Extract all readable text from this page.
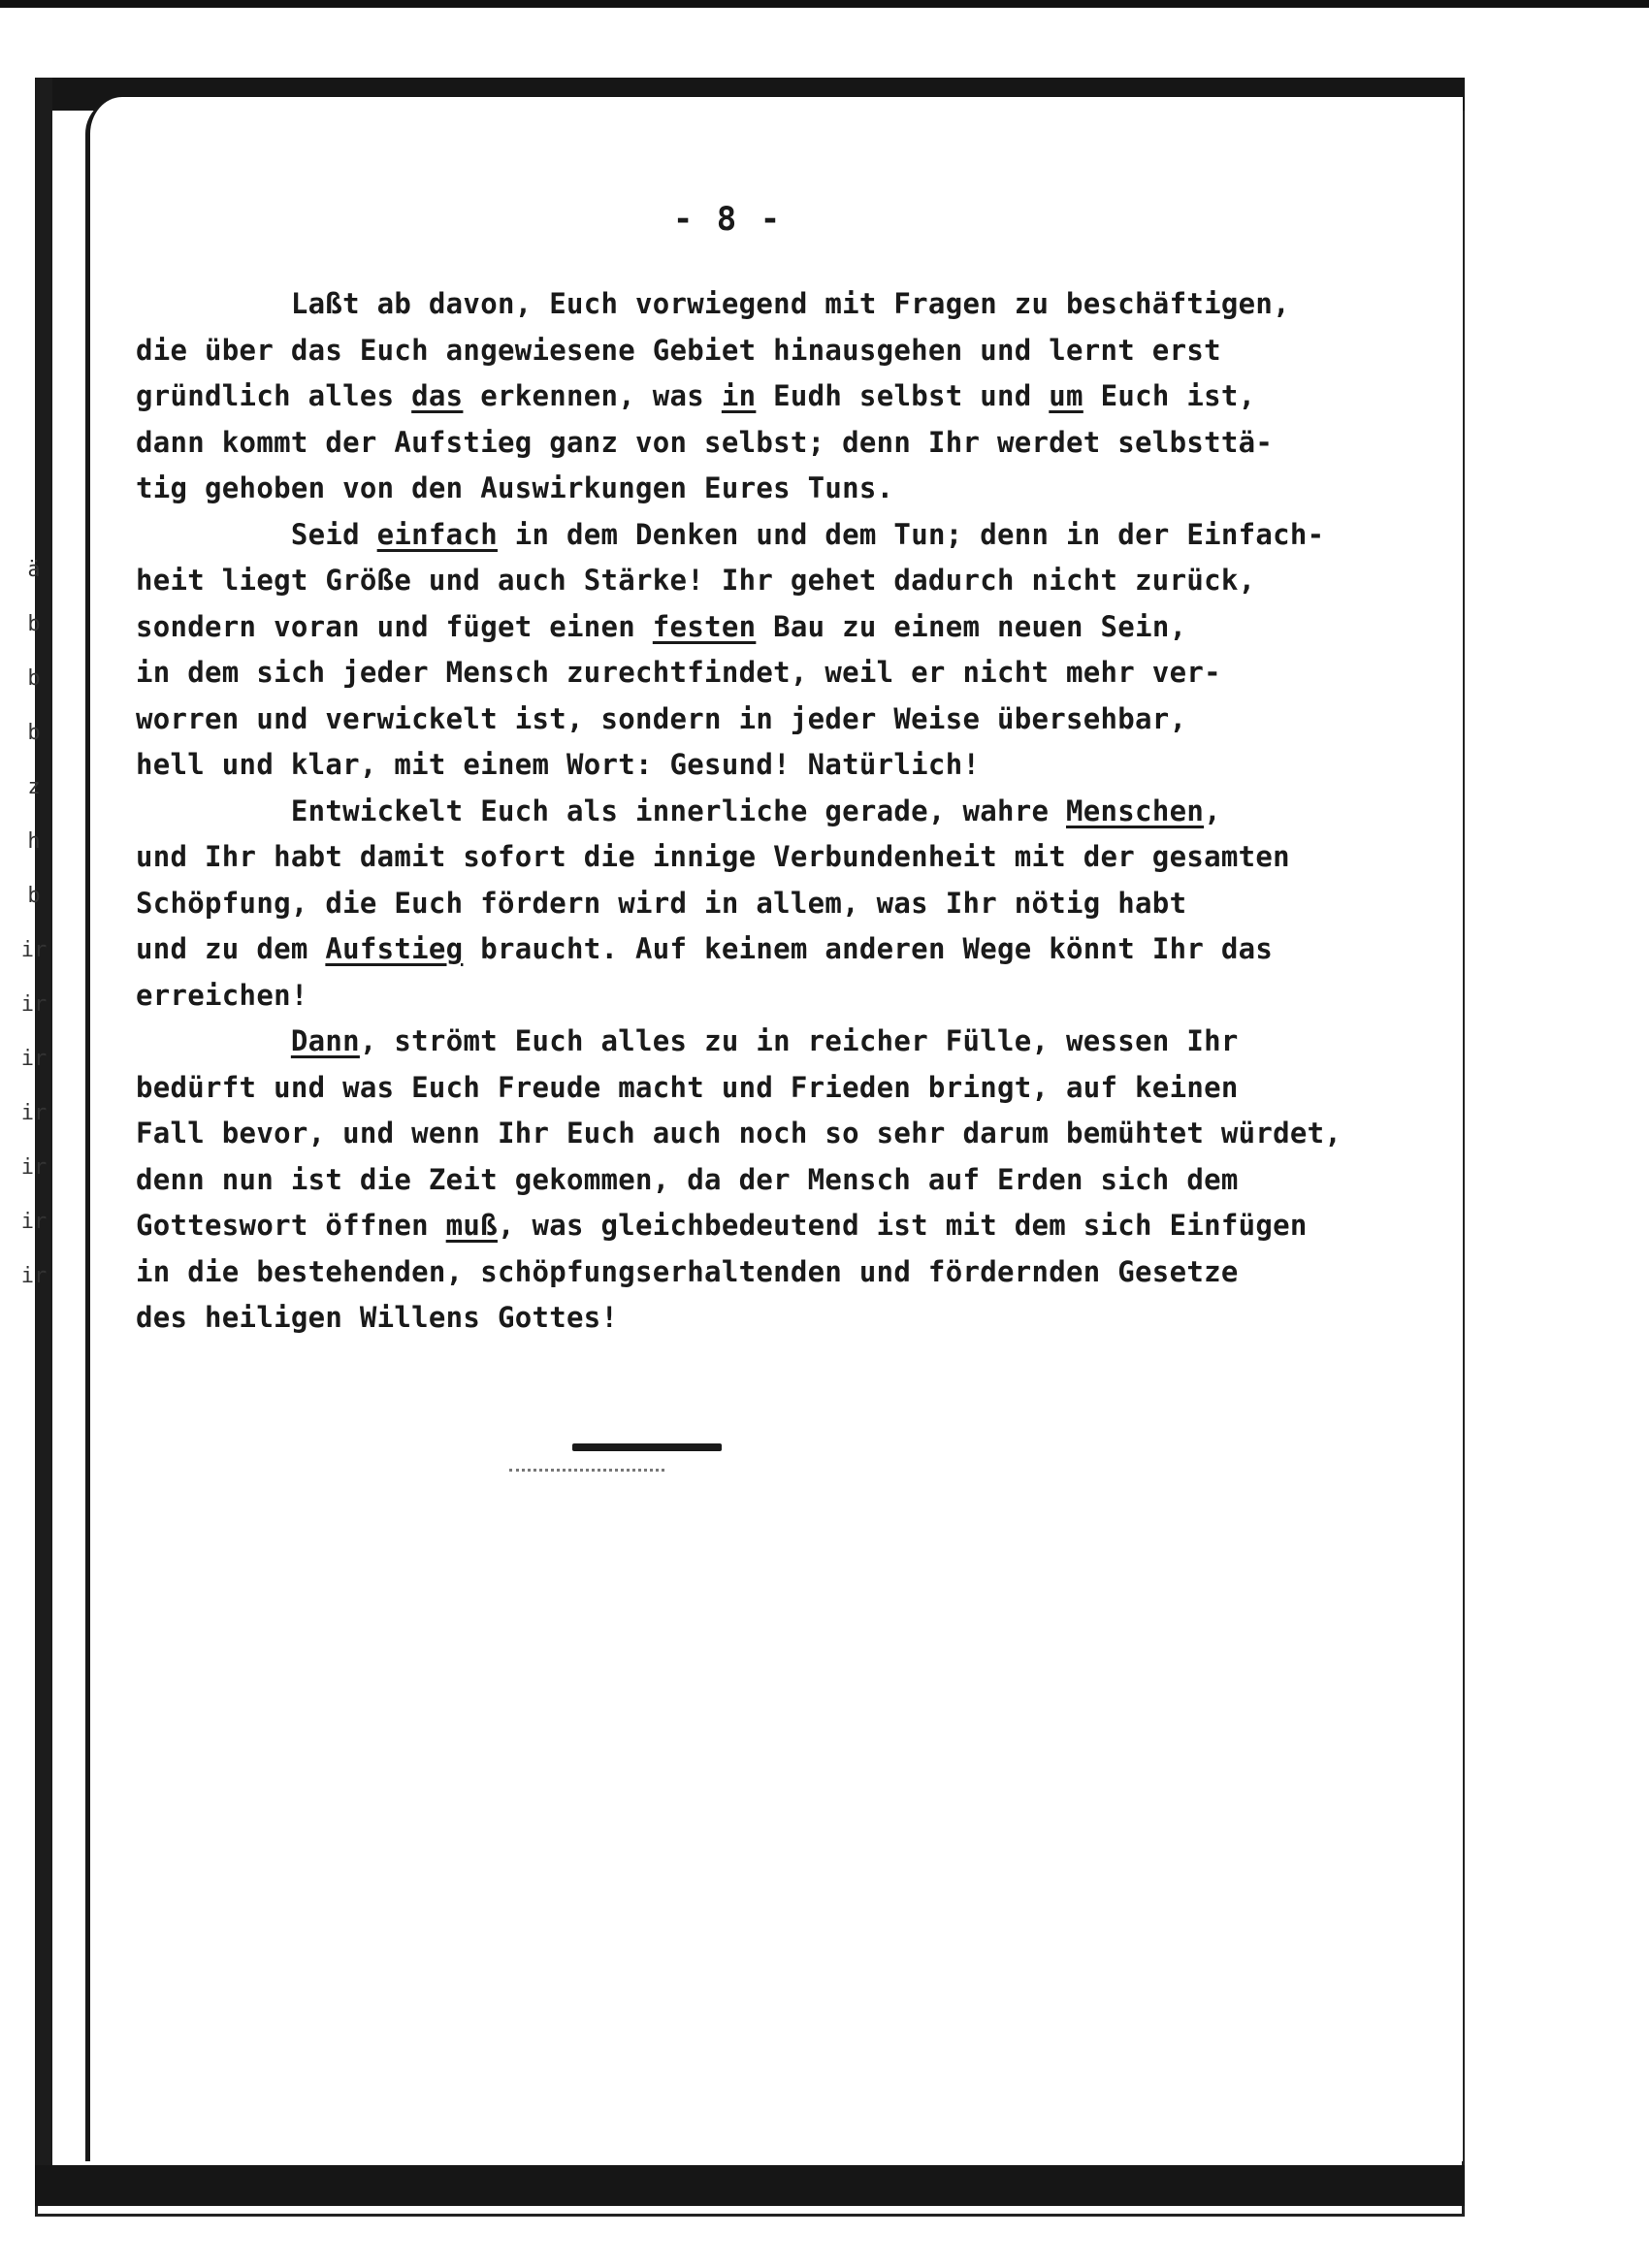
ä
b
b
b
z
h
b
ir
ir
ir
ir
ir
ir
ir
- 8 -
Laßt ab davon, Euch vorwiegend mit Fragen zu beschäftigen,
die über das Euch angewiesene Gebiet hinausgehen und lernt erst
gründlich alles das erkennen, was in Eudh selbst und um Euch ist,
dann kommt der Aufstieg ganz von selbst; denn Ihr werdet selbsttä-
tig gehoben von den Auswirkungen Eures Tuns.
Seid einfach in dem Denken und dem Tun; denn in der Einfach-
heit liegt Größe und auch Stärke! Ihr gehet dadurch nicht zurück,
sondern voran und füget einen festen Bau zu einem neuen Sein,
in dem sich jeder Mensch zurechtfindet, weil er nicht mehr ver-
worren und verwickelt ist, sondern in jeder Weise übersehbar,
hell und klar, mit einem Wort: Gesund! Natürlich!
Entwickelt Euch als innerliche gerade, wahre Menschen,
und Ihr habt damit sofort die innige Verbundenheit mit der gesamten
Schöpfung, die Euch fördern wird in allem, was Ihr nötig habt
und zu dem Aufstieg braucht. Auf keinem anderen Wege könnt Ihr das
erreichen!
Dann, strömt Euch alles zu in reicher Fülle, wessen Ihr
bedürft und was Euch Freude macht und Frieden bringt, auf keinen
Fall bevor, und wenn Ihr Euch auch noch so sehr darum bemühtet würdet,
denn nun ist die Zeit gekommen, da der Mensch auf Erden sich dem
Gotteswort öffnen muß, was gleichbedeutend ist mit dem sich Einfügen
in die bestehenden, schöpfungserhaltenden und fördernden Gesetze
des heiligen Willens Gottes!
